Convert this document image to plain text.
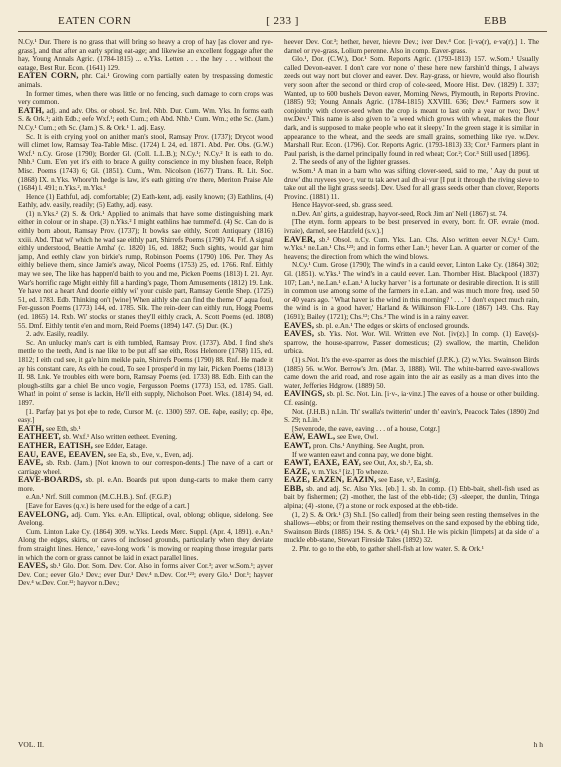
EATEN CORN	[ 233 ]	EBB

N.Cy.¹ Dur. There is no grass that will bring so heavy a crop of hay [as clover and rye-grass], and that after an early spring eat-age; and likewise an excellent foggage after the hay, Young Annals Agric. (1784-1815) ... e.Yks. Letten . . . the hey . . . without the eatage, Best Rur. Econ. (1641) 129.

EATEN CORN, phr. Cai.¹ Growing corn partially eaten by trespassing domestic animals.

In former times, when there was little or no fencing, such damage to corn crops was very common.

EATH, adj. and adv. Obs. or obsol. Sc. Irel. Nhb. Dur. Cum. Wm. Yks. In forms eath S. & Ork.¹; aith Edb.; eefe Wxf.¹; eeth Cum.; eth Abd. Nhb.¹ Cum. Wm.; ethe Sc. (Jam.) N.Cy.¹ Cum.; eth Sc. (Jam.) S. & Ork.¹ 1. adj. Easy.

Sc. It is eith crying yool on anither man's stool, Ramsay Prov. (1737); Drycot wood will climet low, Ramsay Tea-Table Misc. (1724) I. 24, ed. 1871. Abd. Per. Obs. (G.W.) Wxf.¹ n.Cy. Grose (1790); Border Gl. (Coll. L.L.B.); N.Cy.¹; N.Cy.² It is eath to do. Nhb.¹ Cum. E'en yet it's eith to brace A guilty conscience in my blushen feace, Relph Misc. Poems (1743) 6; Gl. (1851). Cum., Wm. Nicolson (1677) Trans. R. Lit. Soc. (1868) IX. n.Yks. Whore'th hedge is law, it's eath gitting o're there, Meriton Praise Ale (1684) l. 491; n.Yks.², m.Yks.¹

Hence (1) Eathful, adj. comfortable; (2) Eath-kent, adj. easily known; (3) Eathlins, (4) Eathly, adv. easily, readily; (5) Eathy, adj. easy.

(1) n.Yks.² (2) S. & Ork.¹ Applied to animals that have some distinguishing mark either in colour or in shape. (3) n.Yks.² I might eathlins hae tummel'd. (4) Sc. Can do is eithly born about, Ramsay Prov. (1737); It bowks sae eithly, Scott Antiquary (1816) xxiii. Abd. That wi' which he wad sae eithly part, Shirrefs Poems (1790) 74. Frf. A signal eithly understood, Beattie Arnha' (c. 1820) 16, ed. 1882; Such sights, would gar him jamp, And eethly claw yon birkie's rump, Robinson Poems (1790) 106. Per. They As eithly believe them, since Jamie's away, Nicol Poems (1753) 25, ed. 1766. Rnf. Eithly may we see, The like has happen'd baith to you and me, Picken Poems (1813) I. 21. Ayr. War's horrific rage Might eithly fill a harding's page, Thom Amusements (1812) 19. Lnk. Ye have not a heart And doorie eithly wi' your cuisle part, Ramsay Gentle Shep. (1725) 51, ed. 1783. Edb. Thinking on't [wine] When aithly she can find the theme O' aqua foul, Fer-gusson Poems (1773) 144, ed. 1785. Slk. The rein-deer can eithly run, Hogg Poems (ed. 1865) 14. Rxb. Wi' stocks or stanes they'll eithly crack, A. Scott Poems (ed. 1808) 55. Dmf. Eithly tentit e'en and morn, Reid Poems (1894) 147. (5) Dur. (K.)

2. adv. Easily, readily.

Sc. An unlucky man's cart is eith tumbled, Ramsay Prov. (1737). Abd. I find she's mettle to the teeth, And is nae like to be put aff sae eith, Ross Helenore (1768) 115, ed. 1812; I eith cud see, it ga'e him meikle pain, Shirrefs Poems (1790) 88. Rnf. He made it ay his constant care, As eith he coud, To see I prosper'd in my lair, Picken Poems (1813) II. 98. Lnk. Ye troubles eith were born, Ramsay Poems (ed. 1733) 88. Edb. Eith can the plough-stilts gar a chiel Be unco vogie, Fergusson Poems (1773) 153, ed. 1785. Gall. What! in point o' sense is lackin, He'll eith supply, Nicholson Poet. Wks. (1814) 94, ed. 1897.

[1. Parfay þat ys þot eþe to rede, Cursor M. (c. 1300) 597. OE. ēaþe, easily; cp. ēþe, easy.]

EATH, see Eth, sb.¹

EATHEET, sb. Wxf.¹ Also written eetheet. Evening.

EATHER, EATISH, see Edder, Eatage.

EAU, EAVE, EEAVEN, see Ea, sb., Eve, v., Even, adj.

EAVE, sb. Rxb. (Jam.) [Not known to our correspon-dents.] The nave of a cart or carriage wheel.

EAVE-BOARDS, sb. pl. e.An. Boards put upon dung-carts to make them carry more.

e.An.¹ Nrf. Still common (M.C.H.B.). Snf. (F.G.P.)

[Eave for Eaves (q.v.) is here used for the edge of a cart.]

EAVELONG, adj. Cum. Yks. e.An. Elliptical, oval, oblong; oblique, sidelong. See Avelong.

Cum. Linton Lake Cy. (1864) 309. w.Yks. Leeds Merc. Suppl. (Apr. 4, 1891). e.An.¹ Along the edges, skirts, or caves of inclosed grounds, particularly when they deviate from straight lines. Hence, ' eave-long work ' is mowing or reaping those irregular parts in which the corn or grass cannot be laid in exact parallel lines.

EAVES, sb.¹ Glo. Dor. Som. Dev. Cor. Also in forms aiver Cor.³; aver w.Som.¹; ayver Dev. Cor.; eever Glo.¹ Dev.; ever Dur.¹ Dev.⁴ n.Dev. Cor.¹²³; every Glo.¹ Dor.¹; hayver Dev.⁴ w.Dev. Cor.¹²; hayvor n.Dev.;

heever Dev. Cor.³; hether, hever, hievre Dev.; iver Dev.⁴ Cor. [i·və(r), e·və(r).] 1. The darnel or rye-grass, Lolium perenne. Also in comp. Eaver-grass.

Glo.¹, Dor. (C.W.), Dor.¹ Som. Reports Agric. (1793-1813) 157. w.Som.¹ Usually called Devon-eaver. I don't care vor none o' these here new farshin'd things, I always zeeds out way nort but clover and eaver. Dev. Ray-grass, or hievre, would also flourish very soon after the second or third crop of cole-seed, Moore Hist. Dev. (1829) I. 337; Wanted, up to 600 bushels Devon eaver, Morning News, Plymouth, in Reports Provinc. (1885) 93; Young Annals Agric. (1784-1815) XXVIII. 636; Dev.⁴ Farmers sow it conjointly with clover-seed when the crop is meant to last only a year or two; Dev.⁴ nw.Dev.¹ This name is also given to 'a weed which grows with wheat, makes the flour dark, and is supposed to make people who eat it sleepy.' In the green stage it is similar in appearance to the wheat, and the seeds are small grains, something like rye. w.Dev. Marshall Rur. Econ. (1796). Cor. Reports Agric. (1793-1813) 33; Cor.¹ Farmers plant in Paul parish, is the darnel principally found in red wheat; Cor.²; Cor.³ Still used [1896].

2. The seeds of any of the lighter grasses.

w.Som.¹ A man in a barn who was sifting clover-seed, said to me, ' Aay du puut ut druw' dhu ruyvees yeo·r, vur tu tak aewt aul dh·ai·vur [I put it through the riving sieve to take out all the light grass seeds]. Dev. Used for all grass seeds other than clover, Reports Provinc. (1881) 11.

Hence Hayvor-seed, sb. grass seed.

n.Dev. An' girts, a guidestrap, hayvor-seed, Rock Jim an' Nell (1867) st. 74.

[The etym. form appears to be best preserved in every, borr. fr. OF. evraie (mod. ivraie), darnel, see Hatzfeld (s.v.).]

EAVER, sb.² Obsol. n.Cy. Cum. Yks. Lan. Chs. Also written eever N.Cy.¹ Cum. w.Yks.¹ ne.Lan.¹ Chs.¹²³; and in forms ether Lan.¹; hever Lan. A quarter or corner of the heavens; the direction from which the wind blows.

N.Cy.¹ Cum. Grose (1790); The wind's in a cauld eever, Linton Lake Cy. (1864) 302; Gl. (1851). w.Yks.¹ The wind's in a cauld eever. Lan. Thornber Hist. Blackpool (1837) 107; Lan.¹, ne.Lan.¹ e.Lan.¹ A lucky harver ' is a fortunate or desirable direction. It is still in common use among some of the farmers in e.Lan. and was much more freq. used 50 or 40 years ago. ' What haver is the wind in this morning? ' . . . ' I don't expect much rain, the wind is in a good haver,' Harland & Wilkinson Flk-Lore (1867) 149. Chs. Ray (1691); Bailey (1721); Chs.¹²; Chs.³ The wind is in a rainy eaver.

EAVES, sb. pl. e.An.¹ The edges or skirts of enclosed grounds.

EAVES, sb. Yks. Not. Wor. Wil. Written eve Not. [iv(z).] In comp. (1) Eave(s)-sparrow, the house-sparrow, Passer domesticus; (2) swallow, the martin, Chelidon urbica.

(1) s.Not. It's the eve-sparrer as does the mischief (J.P.K.). (2) w.Yks. Swainson Birds (1885) 56. w.Wor. Berrow's Jrn. (Mar. 3, 1888). Wil. The white-barred eave-swallows came down the arid road, and rose again into the air as easily as a man dives into the water, Jefferies Hdgrow. (1889) 50.

EAVINGS, sb. pl. Sc. Not. Lin. [i·v-, ia·vinz.] The eaves of a house or other building. Cf. easin(g.

Not. (J.H.B.) n.Lin. Th' swalla's twitterin' under th' eavin's, Peacock Tales (1890) 2nd S. 29; n.Lin.¹

[Sevenrode, the eave, eaving . . . of a house, Cotgr.]

EAW, EAWL, see Ewe, Owl.

EAWT, pron. Chs.¹ Anything. See Aught, pron.

If we wanten eawt and conna pay, we done bight.

EAWT, EAXE, EAY, see Out, Ax, sb.¹, Ea, sb.

EAZE, v. m.Yks.¹ [iz.] To wheeze.

EAZE, EAZEN, EAZIN, see Ease, v.², Easin(g.

EBB, sb. and adj. Sc. Also Yks. [eb.] 1. sb. In comp. (1) Ebb-bait, shell-fish used as bait by fishermen; (2) -mother, the last of the ebb-tide; (3) -sleeper, the dunlin, Tringa alpina; (4) -stone, (?) a stone or rock exposed at the ebb-tide.

(1, 2) S. & Ork.¹ (3) Sh.I. [So called] from their being seen resting themselves in the shallows—ebbs; or from their resting themselves on the sand exposed by the ebbing tide, Swainson Birds (1885) 194. S. & Ork.¹ (4) Sh.I. He wis pickin [limpets] at da side o' a muckle ebb-stane, Stewart Fireside Tales (1892) 32.

2. Phr. to go to the ebb, to gather shell-fish at low water. S. & Ork.¹

VOL. II.	h h
